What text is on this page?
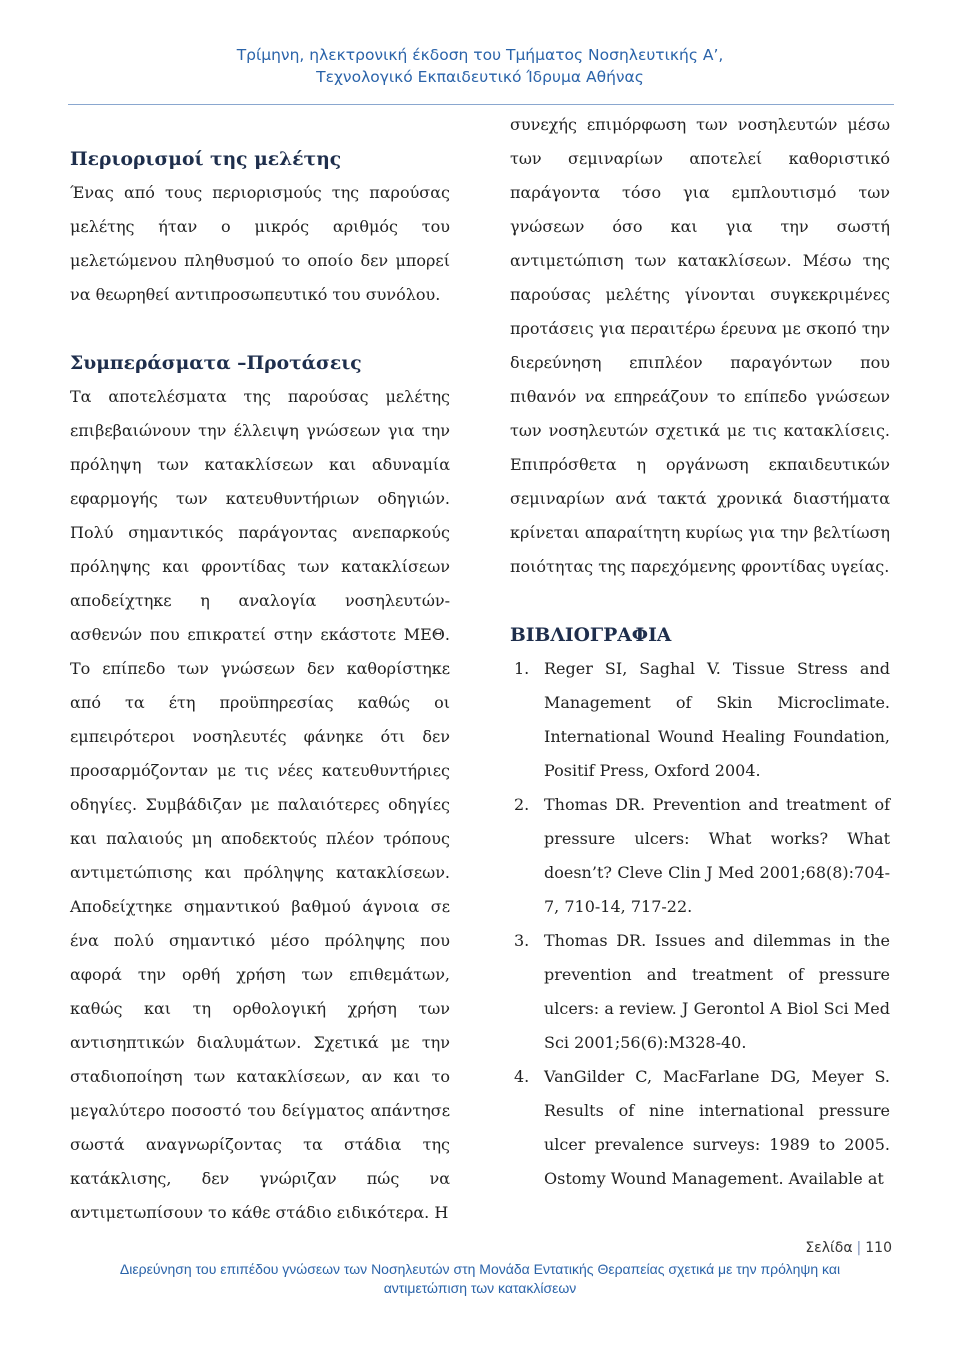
Τρίμηνη, ηλεκτρονική έκδοση του Τμήματος Νοσηλευτικής Α’,
Τεχνολογικό Εκπαιδευτικό Ίδρυμα Αθήνας
Περιορισμοί της μελέτης

Ένας από τους περιορισμούς της παρούσας μελέτης ήταν ο μικρός αριθμός του μελετώμενου πληθυσμού το οποίο δεν μπορεί να θεωρηθεί αντιπροσωπευτικό του συνόλου.

Συμπεράσματα –Προτάσεις

Τα αποτελέσματα της παρούσας μελέτης επιβεβαιώνουν την έλλειψη γνώσεων για την πρόληψη των κατακλίσεων και αδυναμία εφαρμογής των κατευθυντήριων οδηγιών. Πολύ σημαντικός παράγοντας ανεπαρκούς πρόληψης και φροντίδας των κατακλίσεων αποδείχτηκε η αναλογία νοσηλευτών-ασθενών που επικρατεί στην εκάστοτε ΜΕΘ. Το επίπεδο των γνώσεων δεν καθορίστηκε από τα έτη προϋπηρεσίας καθώς οι εμπειρότεροι νοσηλευτές φάνηκε ότι δεν προσαρμόζονταν με τις νέες κατευθυντήριες οδηγίες. Συμβάδιζαν με παλαιότερες οδηγίες και παλαιούς μη αποδεκτούς πλέον τρόπους αντιμετώπισης και πρόληψης κατακλίσεων. Αποδείχτηκε σημαντικού βαθμού άγνοια σε ένα πολύ σημαντικό μέσο πρόληψης που αφορά την ορθή χρήση των επιθεμάτων, καθώς και τη ορθολογική χρήση των αντισηπτικών διαλυμάτων. Σχετικά με την σταδιοποίηση των κατακλίσεων, αν και το μεγαλύτερο ποσοστό του δείγματος απάντησε σωστά αναγνωρίζοντας τα στάδια της κατάκλισης, δεν γνώριζαν πώς να αντιμετωπίσουν το κάθε στάδιο ειδικότερα. Η

συνεχής επιμόρφωση των νοσηλευτών μέσω των σεμιναρίων αποτελεί καθοριστικό παράγοντα τόσο για εμπλουτισμό των γνώσεων όσο και για την σωστή αντιμετώπιση των κατακλίσεων. Μέσω της παρούσας μελέτης γίνονται συγκεκριμένες προτάσεις για περαιτέρω έρευνα με σκοπό την διερεύνηση επιπλέον παραγόντων που πιθανόν να επηρεάζουν το επίπεδο γνώσεων των νοσηλευτών σχετικά με τις κατακλίσεις. Επιπρόσθετα η οργάνωση εκπαιδευτικών σεμιναρίων ανά τακτά χρονικά διαστήματα κρίνεται απαραίτητη κυρίως για την βελτίωση ποιότητας της παρεχόμενης φροντίδας υγείας.

ΒΙΒΛΙΟΓΡΑΦΙΑ
1. Reger SI, Saghal V. Tissue Stress and Management of Skin Microclimate. International Wound Healing Foundation, Positif Press, Oxford 2004.
2. Thomas DR. Prevention and treatment of pressure ulcers: What works? What doesn’t? Cleve Clin J Med 2001;68(8):704-7, 710-14, 717-22.
3. Thomas DR. Issues and dilemmas in the prevention and treatment of pressure ulcers: a review. J Gerontol A Biol Sci Med Sci 2001;56(6):M328-40.
4. VanGilder C, MacFarlane DG, Meyer S. Results of nine international pressure ulcer prevalence surveys: 1989 to 2005. Ostomy Wound Management. Available at
Σελίδα | 110
Διερεύνηση του επιπέδου γνώσεων των Νοσηλευτών στη Μονάδα Εντατικής Θεραπείας σχετικά με την πρόληψη και
αντιμετώπιση των κατακλίσεων
